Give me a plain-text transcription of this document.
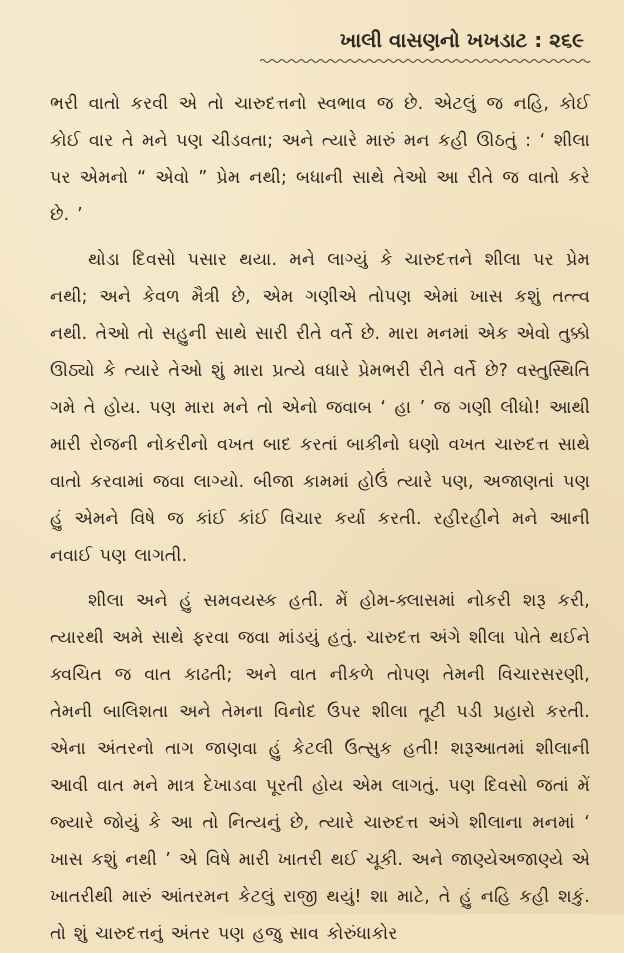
ખાલી વાસણનો ખખડાટ : ૨૬૯

ભરી વાતો કરવી એ તો ચારુદત્તનો સ્વભાવ જ છે. એટલું જ નહિ, કોઈ કોઈ વાર તે મને પણ ચીડવતા; અને ત્યારે મારું મન કહી ઊઠતું : ‘ શીલા પર એમનો “ એવો ” પ્રેમ નથી; બધાની સાથે તેઓ આ રીતે જ વાતો કરે છે. ’

થોડા દિવસો પસાર થયા. મને લાગ્યું કે ચારુદત્તને શીલા પર પ્રેમ નથી; અને કેવળ મૈત્રી છે, એમ ગણીએ તોપણ એમાં ખાસ કશું તત્ત્વ નથી. તેઓ તો સહુની સાથે સારી રીતે વર્તે છે. મારા મનમાં એક એવો તુક્કો ઊઠ્યો કે ત્યારે તેઓ શું મારા પ્રત્યે વધારે પ્રેમભરી રીતે વર્તે છે? વસ્તુસ્થિતિ ગમે તે હોય. પણ મારા મને તો એનો જવાબ ‘ હા ’ જ ગણી લીધો! આથી મારી રોજની નોકરીનો વખત બાદ કરતાં બાકીનો ઘણો વખત ચારુદત્ત સાથે વાતો કરવામાં જવા લાગ્યો. બીજા કામમાં હોઉં ત્યારે પણ, અજાણતાં પણ હું એમને વિષે જ કાંઈ કાંઈ વિચાર કર્યા કરતી. રહીરહીને મને આની નવાઈ પણ લાગતી.

શીલા અને હું સમવયસ્ક હતી. મેં હોમ-ક્લાસમાં નોકરી શરૂ કરી, ત્યારથી અમે સાથે ફરવા જવા માંડયું હતું. ચારુદત્ત અંગે શીલા પોતે થઈને ક્વચિત જ વાત કાઢતી; અને વાત નીકળે તોપણ તેમની વિચારસરણી, તેમની બાલિશતા અને તેમના વિનોદ ઉપર શીલા તૂટી પડી પ્રહારો કરતી. એના અંતરનો તાગ જાણવા હું કેટલી ઉત્સુક હતી! શરૂઆતમાં શીલાની આવી વાત મને માત્ર દેખાડવા પૂરતી હોય એમ લાગતું. પણ દિવસો જતાં મેં જ્યારે જોયું કે આ તો નિત્યનું છે, ત્યારે ચારુદત્ત અંગે શીલાના મનમાં ‘ ખાસ કશું નથી ’ એ વિષે મારી ખાતરી થઈ ચૂકી. અને જાણ્યેઅજાણ્યે એ ખાતરીથી મારું આંતરમન કેટલું રાજી થયું! શા માટે, તે હું નહિ કહી શકું. તો શું ચારુદત્તનું અંતર પણ હજુ સાવ કોરુંધાકોર
